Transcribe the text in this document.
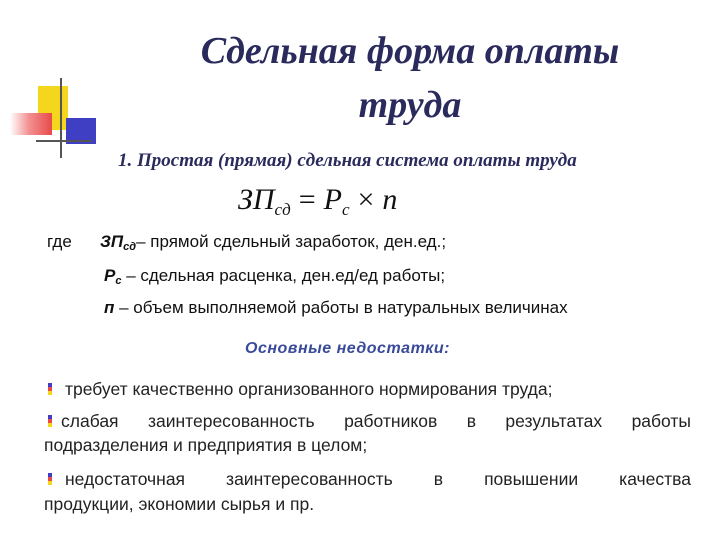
Сдельная форма оплаты
труда
1. Простая (прямая) сдельная система оплаты труда
$ЗП_{сд} = Р_с \times п$
где ЗПсд– прямой сдельный заработок, ден.ед.;
Рс – сдельная расценка, ден.ед/ед работы;
п – объем выполняемой работы в натуральных величинах
Основные недостатки:
требует качественно организованного нормирования труда;
слабая заинтересованность работников в результатах работы
подразделения и предприятия в целом;
недостаточная заинтересованность в повышении качества
продукции, экономии сырья и пр.
